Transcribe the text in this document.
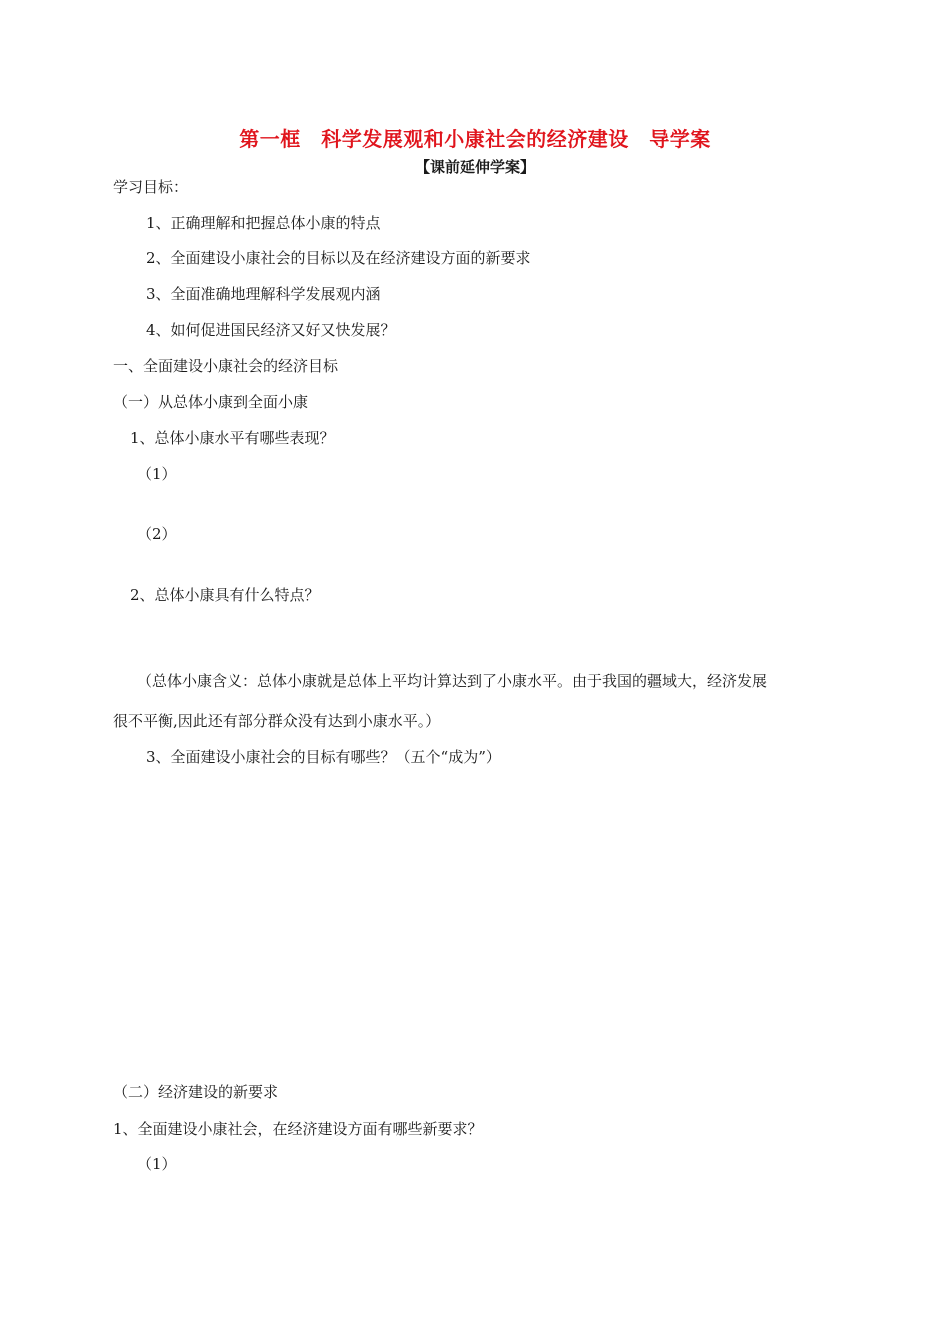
第一框　科学发展观和小康社会的经济建设　导学案
【课前延伸学案】
学习目标：
1、正确理解和把握总体小康的特点
2、全面建设小康社会的目标以及在经济建设方面的新要求
3、全面准确地理解科学发展观内涵
4、如何促进国民经济又好又快发展？
一、全面建设小康社会的经济目标
（一）从总体小康到全面小康
1、总体小康水平有哪些表现？
（1）
（2）
2、总体小康具有什么特点？
（总体小康含义：总体小康就是总体上平均计算达到了小康水平。由于我国的疆域大，经济发展
很不平衡,因此还有部分群众没有达到小康水平。）
3、全面建设小康社会的目标有哪些？（五个“成为”）
（二）经济建设的新要求
1、全面建设小康社会，在经济建设方面有哪些新要求？
（1）
